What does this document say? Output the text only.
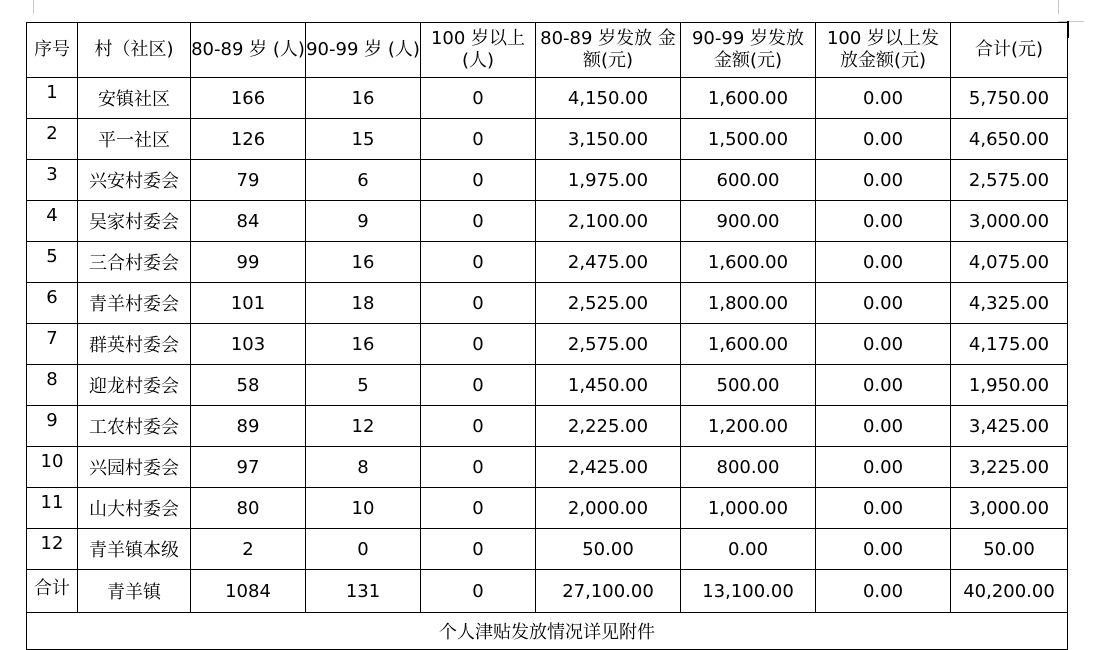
序号	村（社区)	80-89 岁 (人)	90-99 岁 (人)	100 岁以上 (人)	80-89 岁发放 金额(元)	90-99 岁发放 金额(元)	100 岁以上发 放金额(元)	合计(元)
1	安镇社区	166	16	0	4,150.00	1,600.00	0.00	5,750.00
2	平一社区	126	15	0	3,150.00	1,500.00	0.00	4,650.00
3	兴安村委会	79	6	0	1,975.00	600.00	0.00	2,575.00
4	吴家村委会	84	9	0	2,100.00	900.00	0.00	3,000.00
5	三合村委会	99	16	0	2,475.00	1,600.00	0.00	4,075.00
6	青羊村委会	101	18	0	2,525.00	1,800.00	0.00	4,325.00
7	群英村委会	103	16	0	2,575.00	1,600.00	0.00	4,175.00
8	迎龙村委会	58	5	0	1,450.00	500.00	0.00	1,950.00
9	工农村委会	89	12	0	2,225.00	1,200.00	0.00	3,425.00
10	兴园村委会	97	8	0	2,425.00	800.00	0.00	3,225.00
11	山大村委会	80	10	0	2,000.00	1,000.00	0.00	3,000.00
12	青羊镇本级	2	0	0	50.00	0.00	0.00	50.00
合计	青羊镇	1084	131	0	27,100.00	13,100.00	0.00	40,200.00
个人津贴发放情况详见附件								
